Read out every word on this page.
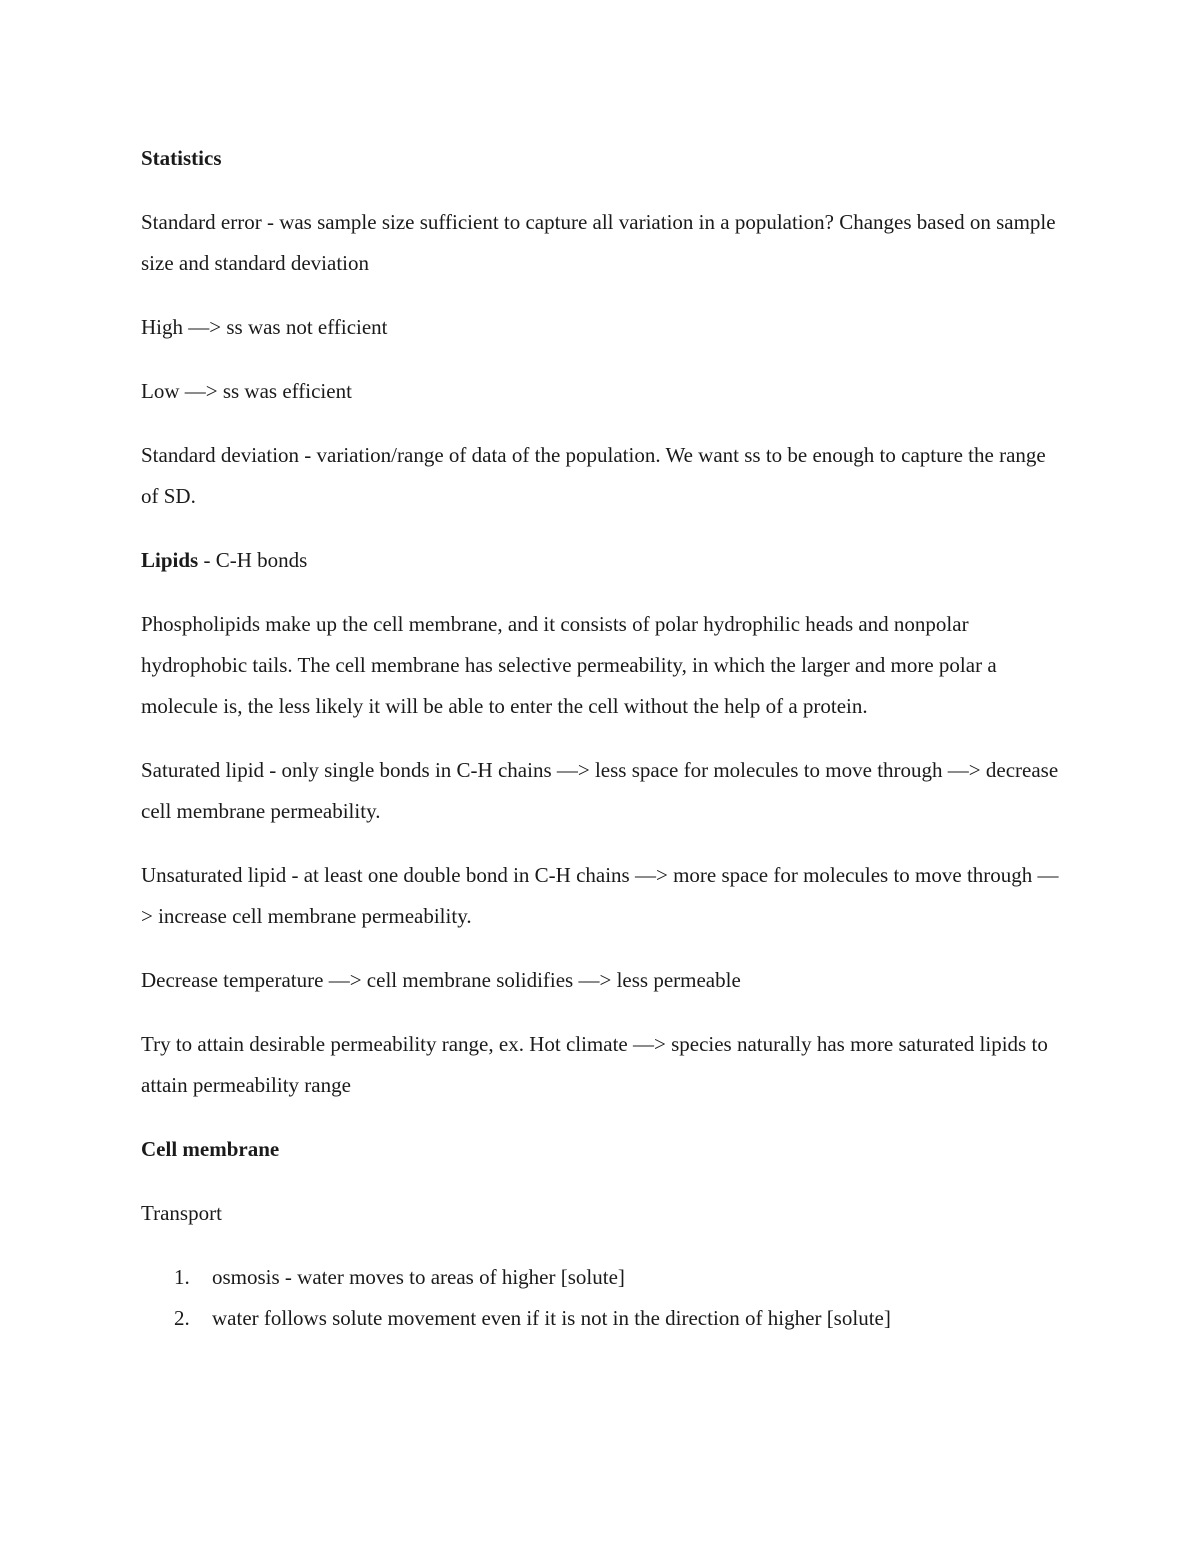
Statistics

Standard error - was sample size sufficient to capture all variation in a population? Changes based on sample size and standard deviation

High —> ss was not efficient

Low —> ss was efficient

Standard deviation - variation/range of data of the population. We want ss to be enough to capture the range of SD.

Lipids - C-H bonds

Phospholipids make up the cell membrane, and it consists of polar hydrophilic heads and nonpolar hydrophobic tails. The cell membrane has selective permeability, in which the larger and more polar a molecule is, the less likely it will be able to enter the cell without the help of a protein.

Saturated lipid - only single bonds in C-H chains —> less space for molecules to move through —> decrease cell membrane permeability.

Unsaturated lipid - at least one double bond in C-H chains —> more space for molecules to move through —> increase cell membrane permeability.

Decrease temperature —> cell membrane solidifies —> less permeable

Try to attain desirable permeability range, ex. Hot climate —> species naturally has more saturated lipids to attain permeability range

Cell membrane

Transport

1. osmosis - water moves to areas of higher [solute]
2. water follows solute movement even if it is not in the direction of higher [solute]
